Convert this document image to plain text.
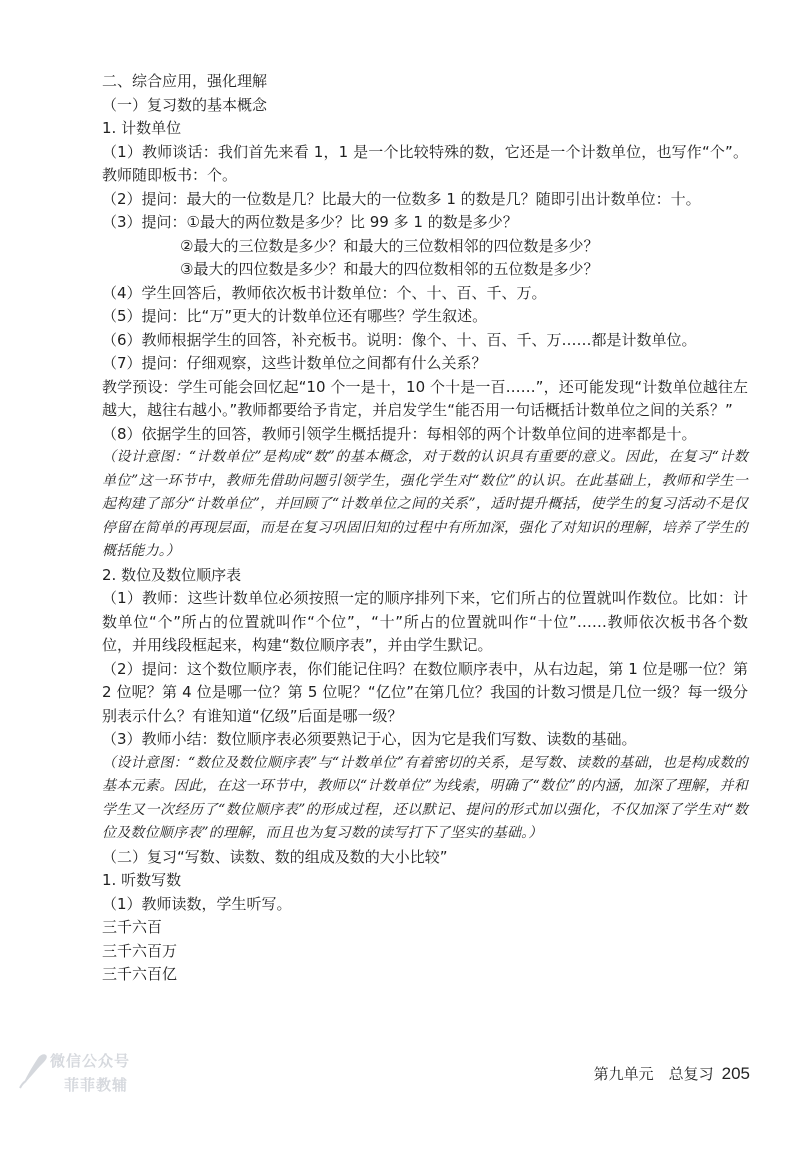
二、综合应用，强化理解

（一）复习数的基本概念

1. 计数单位

（1）教师谈话：我们首先来看 1，1 是一个比较特殊的数，它还是一个计数单位，也写作“个”。教师随即板书：个。

（2）提问：最大的一位数是几？比最大的一位数多 1 的数是几？随即引出计数单位：十。

（3）提问：①最大的两位数是多少？比 99 多 1 的数是多少？

②最大的三位数是多少？和最大的三位数相邻的四位数是多少？

③最大的四位数是多少？和最大的四位数相邻的五位数是多少？

（4）学生回答后，教师依次板书计数单位：个、十、百、千、万。

（5）提问：比“万”更大的计数单位还有哪些？学生叙述。

（6）教师根据学生的回答，补充板书。说明：像个、十、百、千、万……都是计数单位。

（7）提问：仔细观察，这些计数单位之间都有什么关系？

教学预设：学生可能会回忆起“10 个一是十，10 个十是一百……”，还可能发现“计数单位越往左越大，越往右越小。”教师都要给予肯定，并启发学生“能否用一句话概括计数单位之间的关系？”

（8）依据学生的回答，教师引领学生概括提升：每相邻的两个计数单位间的进率都是十。

（设计意图：“计数单位”是构成“数”的基本概念，对于数的认识具有重要的意义。因此，在复习“计数单位”这一环节中，教师先借助问题引领学生，强化学生对“数位”的认识。在此基础上，教师和学生一起构建了部分“计数单位”，并回顾了“计数单位之间的关系”，适时提升概括，使学生的复习活动不是仅停留在简单的再现层面，而是在复习巩固旧知的过程中有所加深，强化了对知识的理解，培养了学生的概括能力。）

2. 数位及数位顺序表

（1）教师：这些计数单位必须按照一定的顺序排列下来，它们所占的位置就叫作数位。比如：计数单位“个”所占的位置就叫作“个位”，“十”所占的位置就叫作“十位”……教师依次板书各个数位，并用线段框起来，构建“数位顺序表”，并由学生默记。

（2）提问：这个数位顺序表，你们能记住吗？在数位顺序表中，从右边起，第 1 位是哪一位？第 2 位呢？第 4 位是哪一位？第 5 位呢？“亿位”在第几位？我国的计数习惯是几位一级？每一级分别表示什么？有谁知道“亿级”后面是哪一级？

（3）教师小结：数位顺序表必须要熟记于心，因为它是我们写数、读数的基础。

（设计意图：“数位及数位顺序表”与“计数单位”有着密切的关系，是写数、读数的基础，也是构成数的基本元素。因此，在这一环节中，教师以“计数单位”为线索，明确了“数位”的内涵，加深了理解，并和学生又一次经历了“数位顺序表”的形成过程，还以默记、提问的形式加以强化，不仅加深了学生对“数位及数位顺序表”的理解，而且也为复习数的读写打下了坚实的基础。）

（二）复习“写数、读数、数的组成及数的大小比较”

1. 听数写数

（1）教师读数，学生听写。

三千六百

三千六百万

三千六百亿

第九单元　总复习 205
微信公众号
菲菲教辅
